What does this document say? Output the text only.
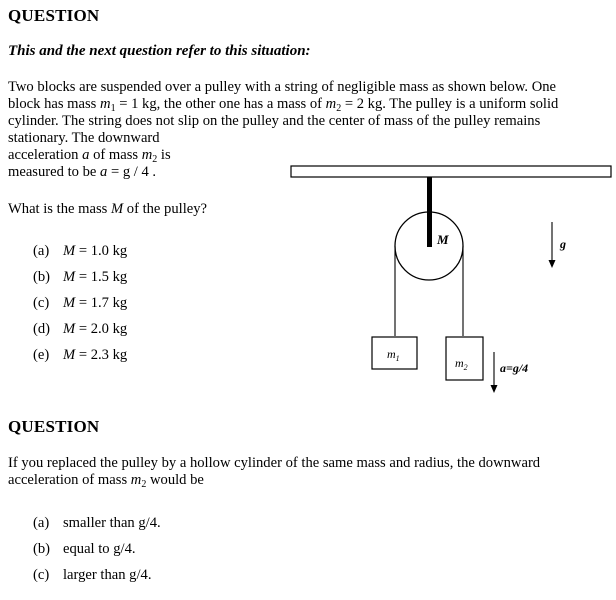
QUESTION
This and the next question refer to this situation:
Two blocks are suspended over a pulley with a string of negligible mass as shown below. One
block has mass $m_1 = 1$ kg, the other one has a mass of $m_2 = 2$ kg. The pulley is a uniform solid
cylinder. The string does not slip on the pulley and the center of mass of the pulley remains
stationary. The downward
acceleration a of mass $m_2$ is
measured to be a = g / 4 .
What is the mass M of the pulley?
(a) M = 1.0 kg
(b) M = 1.5 kg
(c) M = 1.7 kg
(d) M = 2.0 kg
(e) M = 2.3 kg	$m_1$	$m_2$
M	g
a=g/4
QUESTION
If you replaced the pulley by a hollow cylinder of the same mass and radius, the downward
acceleration of mass $m_2$ would be
(a) smaller than g/4.
(b) equal to g/4.
(c) larger than g/4.
